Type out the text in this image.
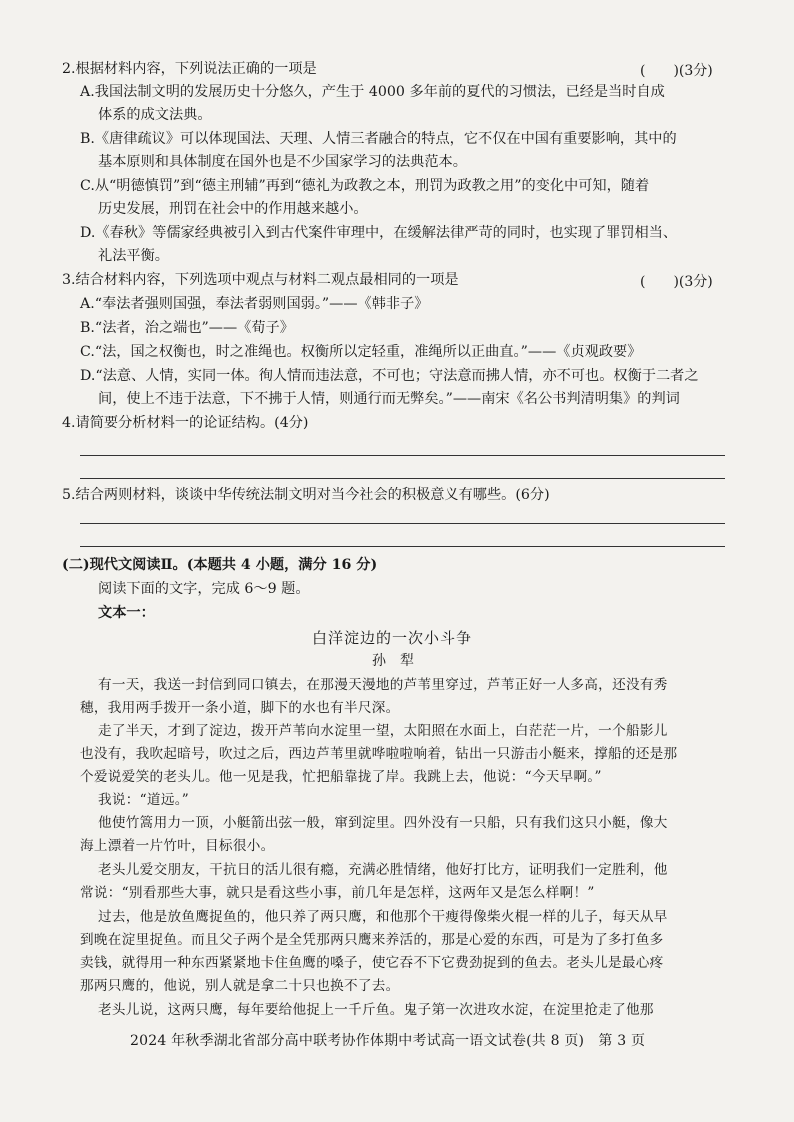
2.根据材料内容，下列说法正确的一项是	(　　)(3分)
A.我国法制文明的发展历史十分悠久，产生于 4000 多年前的夏代的习惯法，已经是当时自成
体系的成文法典。
B.《唐律疏议》可以体现国法、天理、人情三者融合的特点，它不仅在中国有重要影响，其中的
基本原则和具体制度在国外也是不少国家学习的法典范本。
C.从“明德慎罚”到“德主刑辅”再到“德礼为政教之本，刑罚为政教之用”的变化中可知，随着
历史发展，刑罚在社会中的作用越来越小。
D.《春秋》等儒家经典被引入到古代案件审理中，在缓解法律严苛的同时，也实现了罪罚相当、
礼法平衡。
3.结合材料内容，下列选项中观点与材料二观点最相同的一项是	(　　)(3分)
A.“奉法者强则国强，奉法者弱则国弱。”——《韩非子》
B.“法者，治之端也”——《荀子》
C.“法，国之权衡也，时之准绳也。权衡所以定轻重，准绳所以正曲直。”——《贞观政要》
D.“法意、人情，实同一体。徇人情而违法意，不可也；守法意而拂人情，亦不可也。权衡于二者之
间，使上不违于法意，下不拂于人情，则通行而无弊矣。”——南宋《名公书判清明集》的判词
4.请简要分析材料一的论证结构。(4分)
5.结合两则材料，谈谈中华传统法制文明对当今社会的积极意义有哪些。(6分)
(二)现代文阅读Ⅱ。(本题共 4 小题，满分 16 分)
阅读下面的文字，完成 6～9 题。
文本一：
白洋淀边的一次小斗争
孙犁
有一天，我送一封信到同口镇去，在那漫天漫地的芦苇里穿过，芦苇正好一人多高，还没有秀
穗，我用两手拨开一条小道，脚下的水也有半尺深。
走了半天，才到了淀边，拨开芦苇向水淀里一望，太阳照在水面上，白茫茫一片，一个船影儿
也没有，我吹起暗号，吹过之后，西边芦苇里就哗啦啦响着，钻出一只游击小艇来，撑船的还是那
个爱说爱笑的老头儿。他一见是我，忙把船靠拢了岸。我跳上去，他说：“今天早啊。”
我说：“道远。”
他使竹篙用力一顶，小艇箭出弦一般，窜到淀里。四外没有一只船，只有我们这只小艇，像大
海上漂着一片竹叶，目标很小。
老头儿爱交朋友，干抗日的活儿很有瘾，充满必胜情绪，他好打比方，证明我们一定胜利，他
常说：“别看那些大事，就只是看这些小事，前几年是怎样，这两年又是怎么样啊！”
过去，他是放鱼鹰捉鱼的，他只养了两只鹰，和他那个干瘦得像柴火棍一样的儿子，每天从早
到晚在淀里捉鱼。而且父子两个是全凭那两只鹰来养活的，那是心爱的东西，可是为了多打鱼多
卖钱，就得用一种东西紧紧地卡住鱼鹰的嗓子，使它吞不下它费劲捉到的鱼去。老头儿是最心疼
那两只鹰的，他说，别人就是拿二十只也换不了去。
老头儿说，这两只鹰，每年要给他捉上一千斤鱼。鬼子第一次进攻水淀，在淀里抢走了他那
2024 年秋季湖北省部分高中联考协作体期中考试高一语文试卷(共 8 页)　第 3 页
